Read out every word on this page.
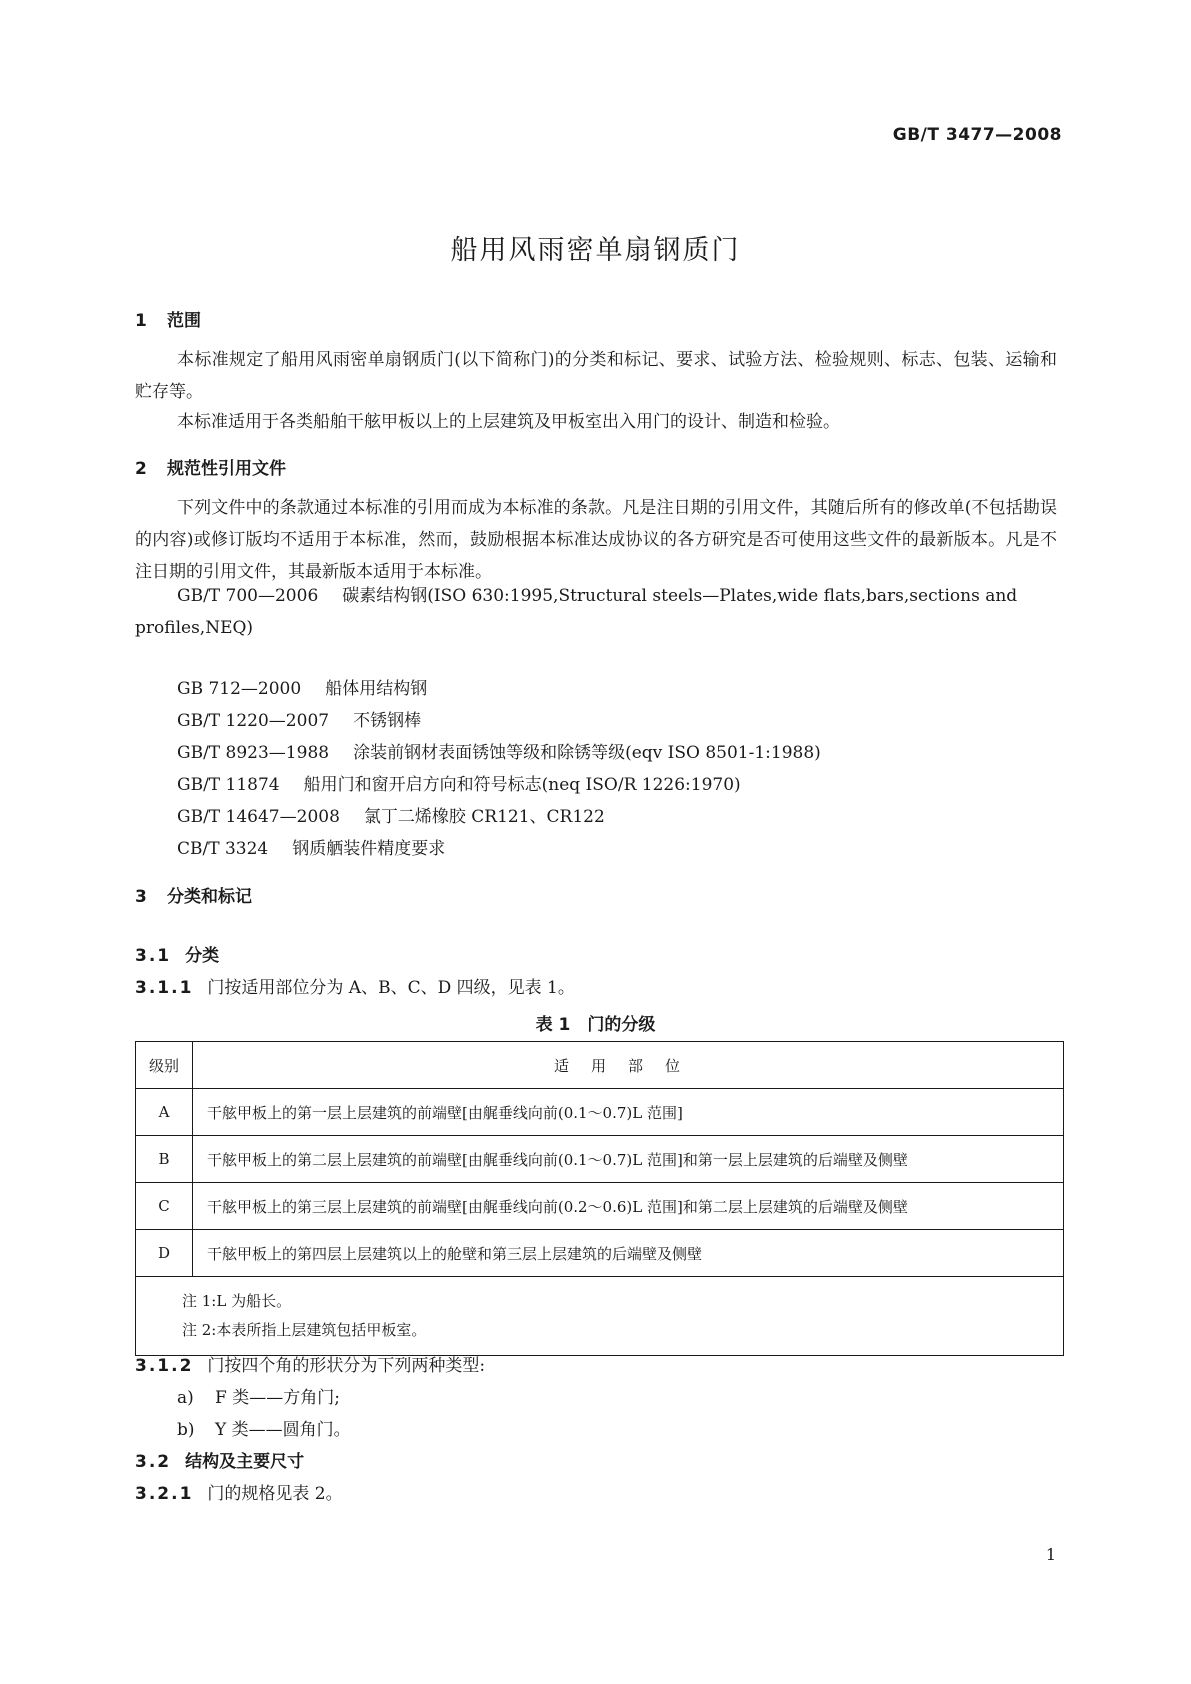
GB/T 3477—2008
船用风雨密单扇钢质门
1 范围
本标准规定了船用风雨密单扇钢质门(以下简称门)的分类和标记、要求、试验方法、检验规则、标志、包装、运输和贮存等。
本标准适用于各类船舶干舷甲板以上的上层建筑及甲板室出入用门的设计、制造和检验。
2 规范性引用文件
下列文件中的条款通过本标准的引用而成为本标准的条款。凡是注日期的引用文件，其随后所有的修改单(不包括勘误的内容)或修订版均不适用于本标准，然而，鼓励根据本标准达成协议的各方研究是否可使用这些文件的最新版本。凡是不注日期的引用文件，其最新版本适用于本标准。
GB/T 700—2006 碳素结构钢(ISO 630:1995,Structural steels—Plates,wide flats,bars,sections and profiles,NEQ)
GB 712—2000 船体用结构钢
GB/T 1220—2007 不锈钢棒
GB/T 8923—1988 涂装前钢材表面锈蚀等级和除锈等级(eqv ISO 8501-1:1988)
GB/T 11874 船用门和窗开启方向和符号标志(neq ISO/R 1226:1970)
GB/T 14647—2008 氯丁二烯橡胶 CR121、CR122
CB/T 3324 钢质舾装件精度要求
3 分类和标记
3.1 分类
3.1.1 门按适用部位分为 A、B、C、D 四级，见表 1。
表 1　门的分级
级别	适用部位
A	干舷甲板上的第一层上层建筑的前端壁[由艉垂线向前(0.1～0.7)L 范围]
B	干舷甲板上的第二层上层建筑的前端壁[由艉垂线向前(0.1～0.7)L 范围]和第一层上层建筑的后端壁及侧壁
C	干舷甲板上的第三层上层建筑的前端壁[由艉垂线向前(0.2～0.6)L 范围]和第二层上层建筑的后端壁及侧壁
D	干舷甲板上的第四层上层建筑以上的舱壁和第三层上层建筑的后端壁及侧壁

注 1:L 为船长。
注 2:本表所指上层建筑包括甲板室。	
3.1.2 门按四个角的形状分为下列两种类型:
a) F 类——方角门;
b) Y 类——圆角门。
3.2 结构及主要尺寸
3.2.1 门的规格见表 2。
1
